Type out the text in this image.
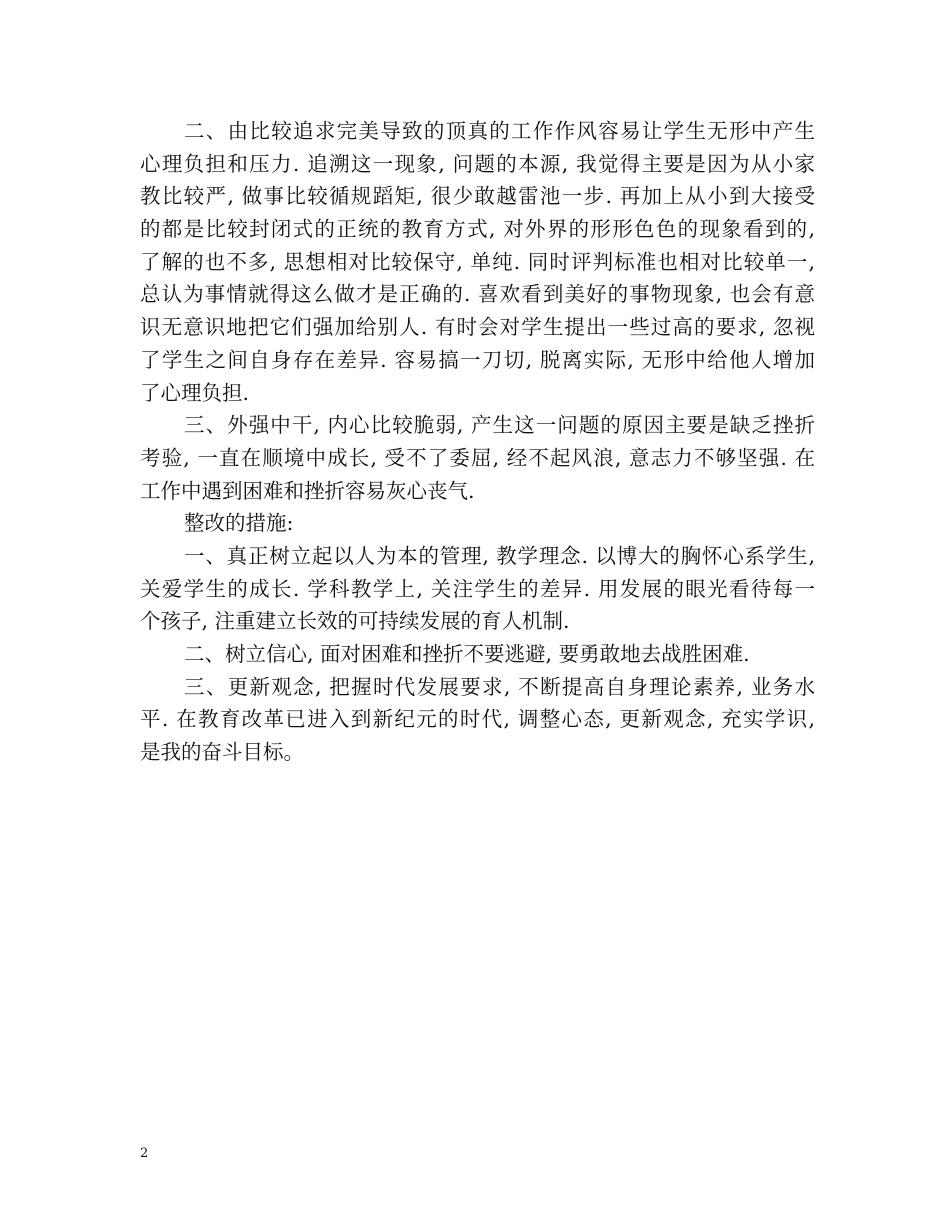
二、由比较追求完美导致的顶真的工作作风容易让学生无形中产生
心理负担和压力. 追溯这一现象, 问题的本源, 我觉得主要是因为从小家
教比较严, 做事比较循规蹈矩, 很少敢越雷池一步. 再加上从小到大接受
的都是比较封闭式的正统的教育方式, 对外界的形形色色的现象看到的,
了解的也不多, 思想相对比较保守, 单纯. 同时评判标准也相对比较单一,
总认为事情就得这么做才是正确的. 喜欢看到美好的事物现象, 也会有意
识无意识地把它们强加给别人. 有时会对学生提出一些过高的要求, 忽视
了学生之间自身存在差异. 容易搞一刀切, 脱离实际, 无形中给他人增加
了心理负担.
三、外强中干, 内心比较脆弱, 产生这一问题的原因主要是缺乏挫折
考验, 一直在顺境中成长, 受不了委屈, 经不起风浪, 意志力不够坚强. 在
工作中遇到困难和挫折容易灰心丧气.
整改的措施:
一、真正树立起以人为本的管理, 教学理念. 以博大的胸怀心系学生,
关爱学生的成长. 学科教学上, 关注学生的差异. 用发展的眼光看待每一
个孩子, 注重建立长效的可持续发展的育人机制.
二、树立信心, 面对困难和挫折不要逃避, 要勇敢地去战胜困难.
三、更新观念, 把握时代发展要求, 不断提高自身理论素养, 业务水
平. 在教育改革已进入到新纪元的时代, 调整心态, 更新观念, 充实学识,
是我的奋斗目标。
2
